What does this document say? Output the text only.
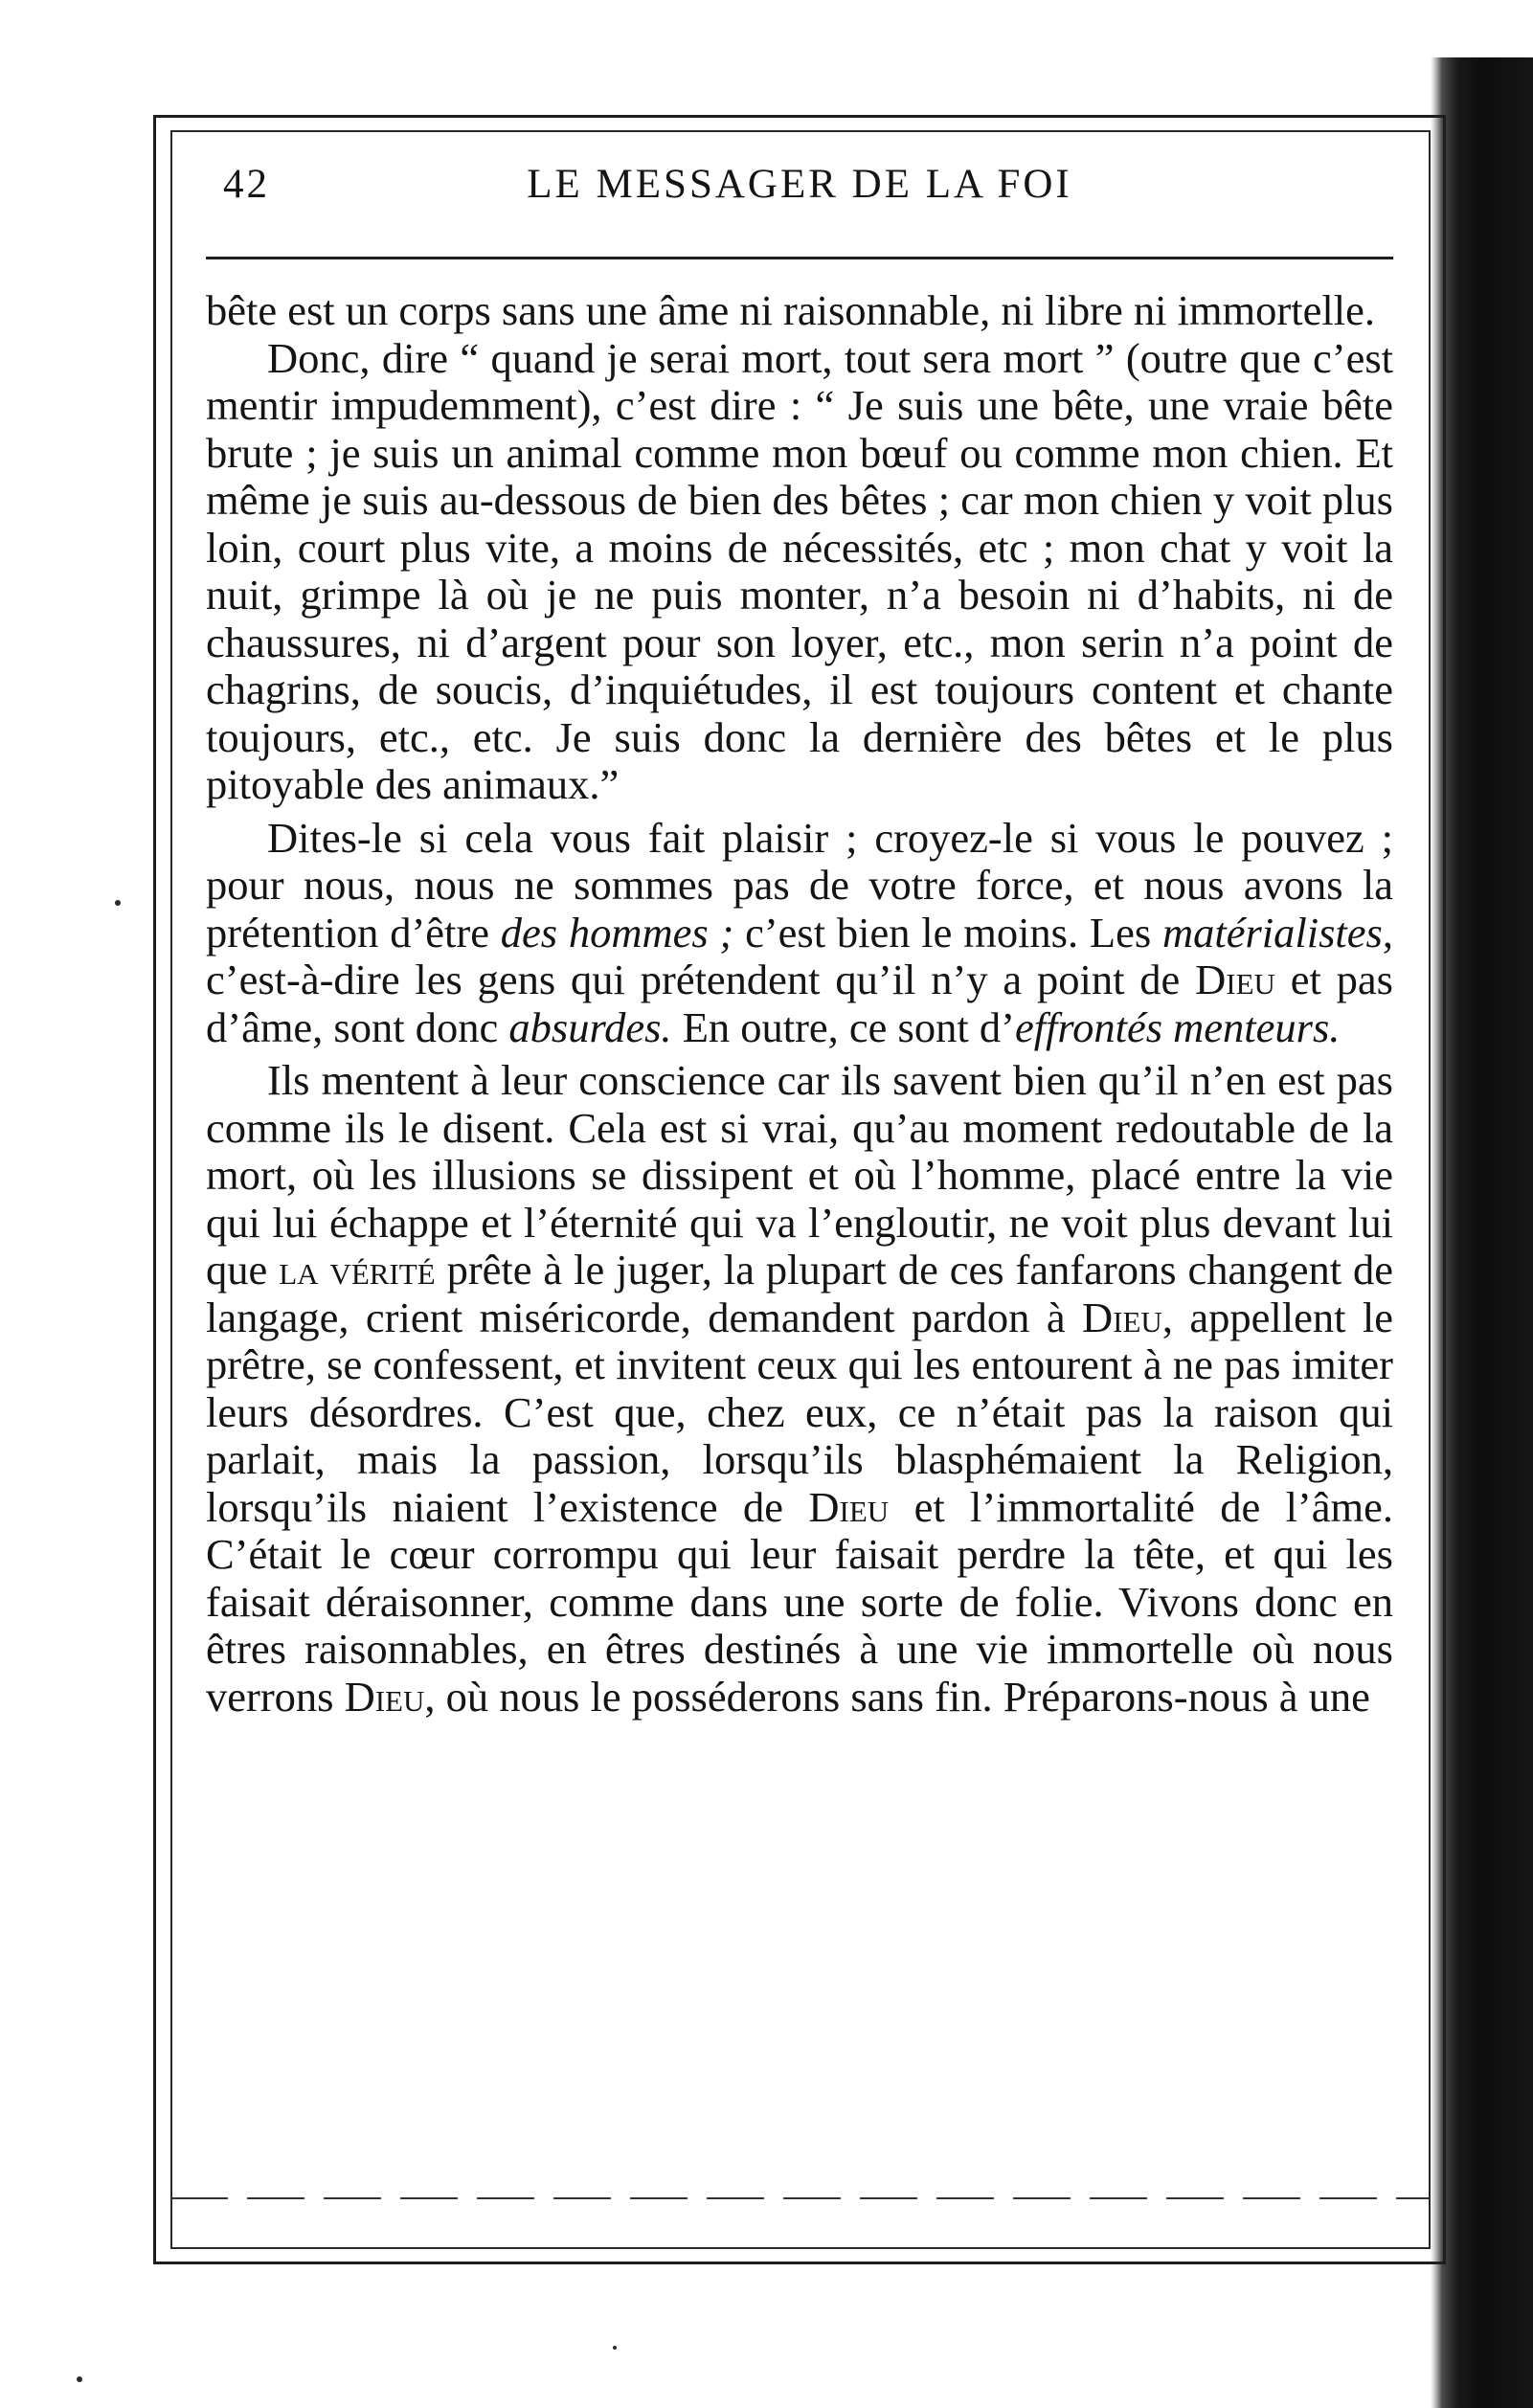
42	LE MESSAGER DE LA FOI

bête est un corps sans une âme ni raisonnable, ni libre ni immortelle.

Donc, dire “ quand je serai mort, tout sera mort ” (outre que c’est mentir impudemment), c’est dire : “ Je suis une bête, une vraie bête brute ; je suis un animal comme mon bœuf ou comme mon chien. Et même je suis au-dessous de bien des bêtes ; car mon chien y voit plus loin, court plus vite, a moins de nécessités, etc ; mon chat y voit la nuit, grimpe là où je ne puis monter, n’a besoin ni d’habits, ni de chaussures, ni d’argent pour son loyer, etc., mon serin n’a point de chagrins, de soucis, d’inquiétudes, il est toujours content et chante toujours, etc., etc. Je suis donc la dernière des bêtes et le plus pitoyable des animaux.”

Dites-le si cela vous fait plaisir ; croyez-le si vous le pouvez ; pour nous, nous ne sommes pas de votre force, et nous avons la prétention d’être des hommes ; c’est bien le moins. Les matérialistes, c’est-à-dire les gens qui prétendent qu’il n’y a point de Dieu et pas d’âme, sont donc absurdes. En outre, ce sont d’effrontés menteurs.

Ils mentent à leur conscience car ils savent bien qu’il n’en est pas comme ils le disent. Cela est si vrai, qu’au moment redoutable de la mort, où les illusions se dissipent et où l’homme, placé entre la vie qui lui échappe et l’éternité qui va l’engloutir, ne voit plus devant lui que la vérité prête à le juger, la plupart de ces fanfarons changent de langage, crient miséricorde, demandent pardon à Dieu, appellent le prêtre, se confessent, et invitent ceux qui les entourent à ne pas imiter leurs désordres. C’est que, chez eux, ce n’était pas la raison qui parlait, mais la passion, lorsqu’ils blasphémaient la Religion, lorsqu’ils niaient l’existence de Dieu et l’immortalité de l’âme. C’était le cœur corrompu qui leur faisait perdre la tête, et qui les faisait déraisonner, comme dans une sorte de folie. Vivons donc en êtres raisonnables, en êtres destinés à une vie immortelle où nous verrons Dieu, où nous le posséderons sans fin. Préparons-nous à une
